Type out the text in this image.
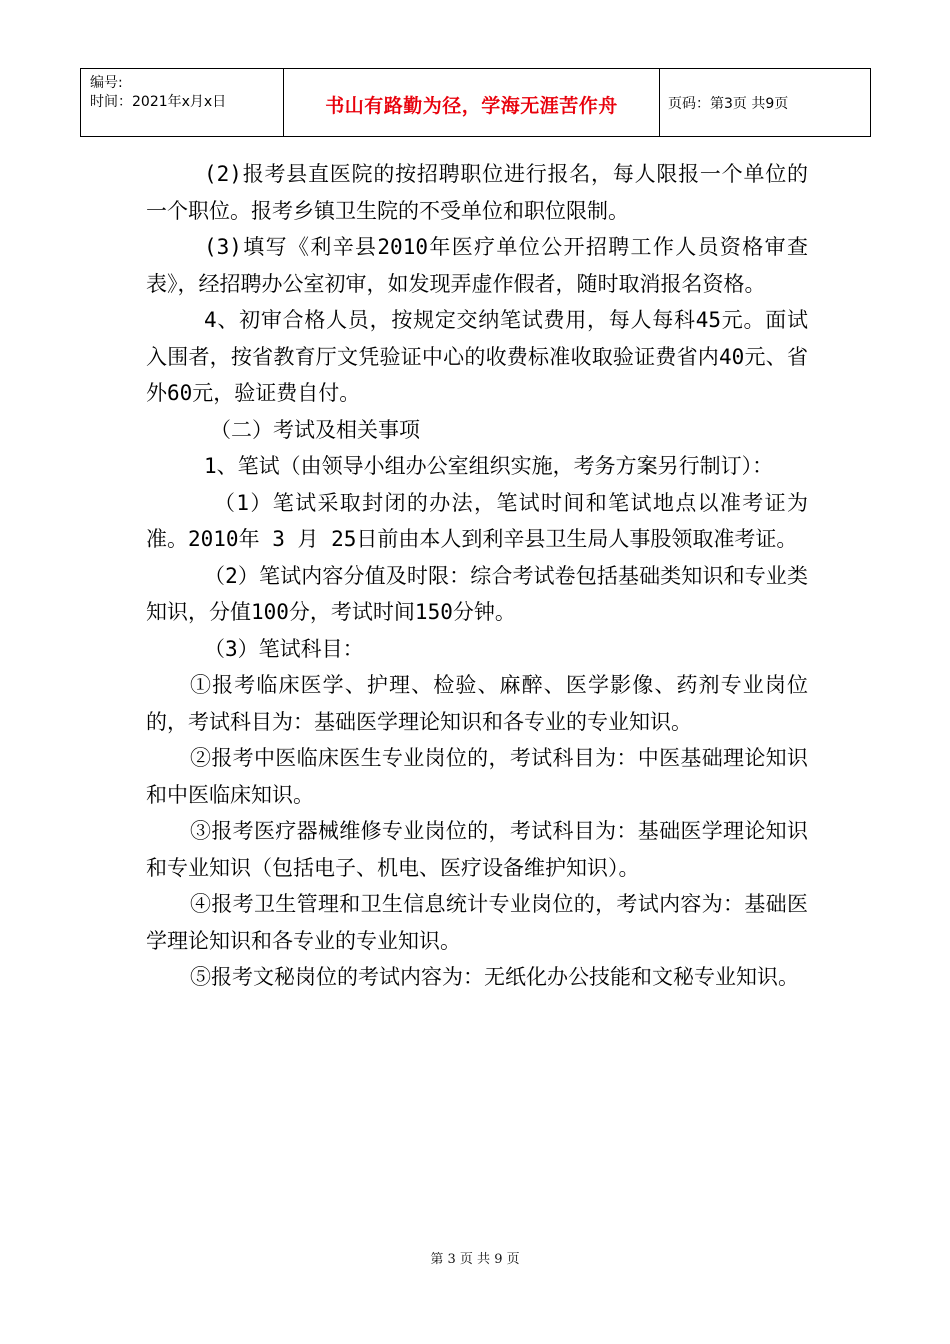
编号:
时间：2021年x月x日	书山有路勤为径，学海无涯苦作舟	页码：第3页 共9页

(2)报考县直医院的按招聘职位进行报名，每人限报一个单位的一个职位。报考乡镇卫生院的不受单位和职位限制。

(3)填写《利辛县2010年医疗单位公开招聘工作人员资格审查表》，经招聘办公室初审，如发现弄虚作假者，随时取消报名资格。

4、初审合格人员，按规定交纳笔试费用，每人每科45元。面试入围者，按省教育厅文凭验证中心的收费标准收取验证费省内40元、省外60元，验证费自付。

（二）考试及相关事项

1、笔试（由领导小组办公室组织实施，考务方案另行制订）：

（1）笔试采取封闭的办法，笔试时间和笔试地点以准考证为准。2010年 3 月 25日前由本人到利辛县卫生局人事股领取准考证。

（2）笔试内容分值及时限：综合考试卷包括基础类知识和专业类知识，分值100分，考试时间150分钟。

（3）笔试科目：

①报考临床医学、护理、检验、麻醉、医学影像、药剂专业岗位的，考试科目为：基础医学理论知识和各专业的专业知识。

②报考中医临床医生专业岗位的，考试科目为：中医基础理论知识和中医临床知识。

③报考医疗器械维修专业岗位的，考试科目为：基础医学理论知识和专业知识（包括电子、机电、医疗设备维护知识）。

④报考卫生管理和卫生信息统计专业岗位的，考试内容为：基础医学理论知识和各专业的专业知识。

⑤报考文秘岗位的考试内容为：无纸化办公技能和文秘专业知识。

第 3 页 共 9 页
